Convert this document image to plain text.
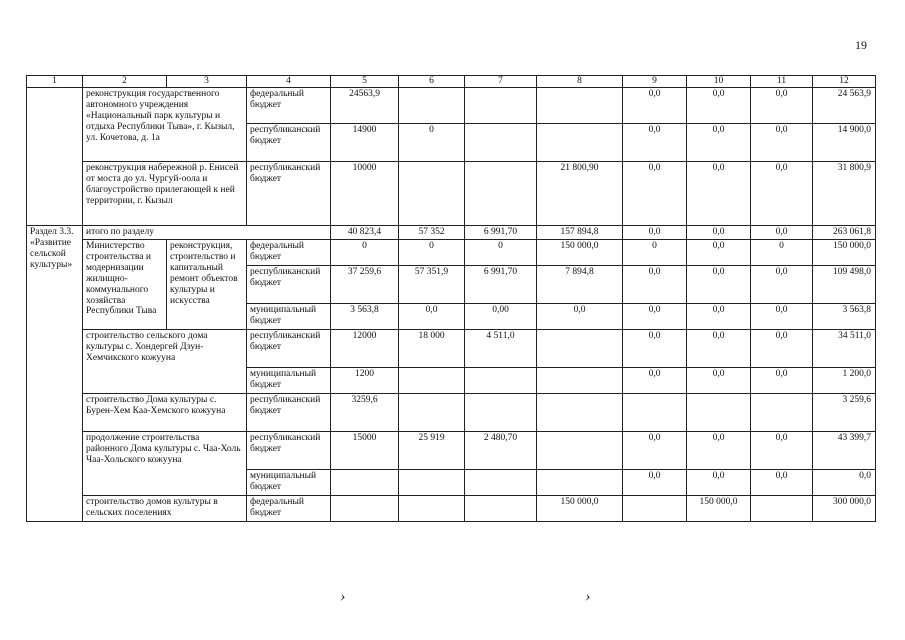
19
1	2	3	4	5	6	7	8	9	10	11	12
	реконструкция государственного автономного учреждения «Национальный парк культуры и отдыха Республики Тыва», г. Кызыл, ул. Кочетова, д. 1а		федеральный бюджет	24563,9				0,0	0,0	0,0	24 563,9
			республиканский бюджет	14900	0			0,0	0,0	0,0	14 900,0
	реконструкция набережной р. Енисей от моста до ул. Чургуй-оола и благоустройство прилегающей к ней территории, г. Кызыл		республиканский бюджет	10000			21 800,90	0,0	0,0	0,0	31 800,9
Раздел 3.3. «Развитие сельской культуры»	итого по разделу			40 823,4	57 352	6 991,70	157 894,8	0,0	0,0	0,0	263 061,8
	Министерство строительства и модернизации жилищно-коммунального хозяйства Республики Тыва	реконструкция, строительство и капитальный ремонт объектов культуры и искусства	федеральный бюджет	0	0	0	150 000,0	0	0,0	0	150 000,0
			республиканский бюджет	37 259,6	57 351,9	6 991,70	7 894,8	0,0	0,0	0,0	109 498,0
			муниципальный бюджет	3 563,8	0,0	0,00	0,0	0,0	0,0	0,0	3 563,8
	строительство сельского дома культуры с. Хондергей Дзун-Хемчикского кожууна		республиканский бюджет	12000	18 000	4 511,0		0,0	0,0	0,0	34 511,0
			муниципальный бюджет	1200				0,0	0,0	0,0	1 200,0
	строительство Дома культуры с. Бурен-Хем Каа-Хемского кожууна		республиканский бюджет	3259,6							3 259,6
	продолжение строительства районного Дома культуры с. Чаа-Холь Чаа-Хольского кожууна		республиканский бюджет	15000	25 919	2 480,70		0,0	0,0	0,0	43 399,7
			муниципальный бюджет					0,0	0,0	0,0	0,0
	строительство домов культуры в сельских поселениях		федеральный бюджет				150 000,0		150 000,0		300 000,0
›	›
